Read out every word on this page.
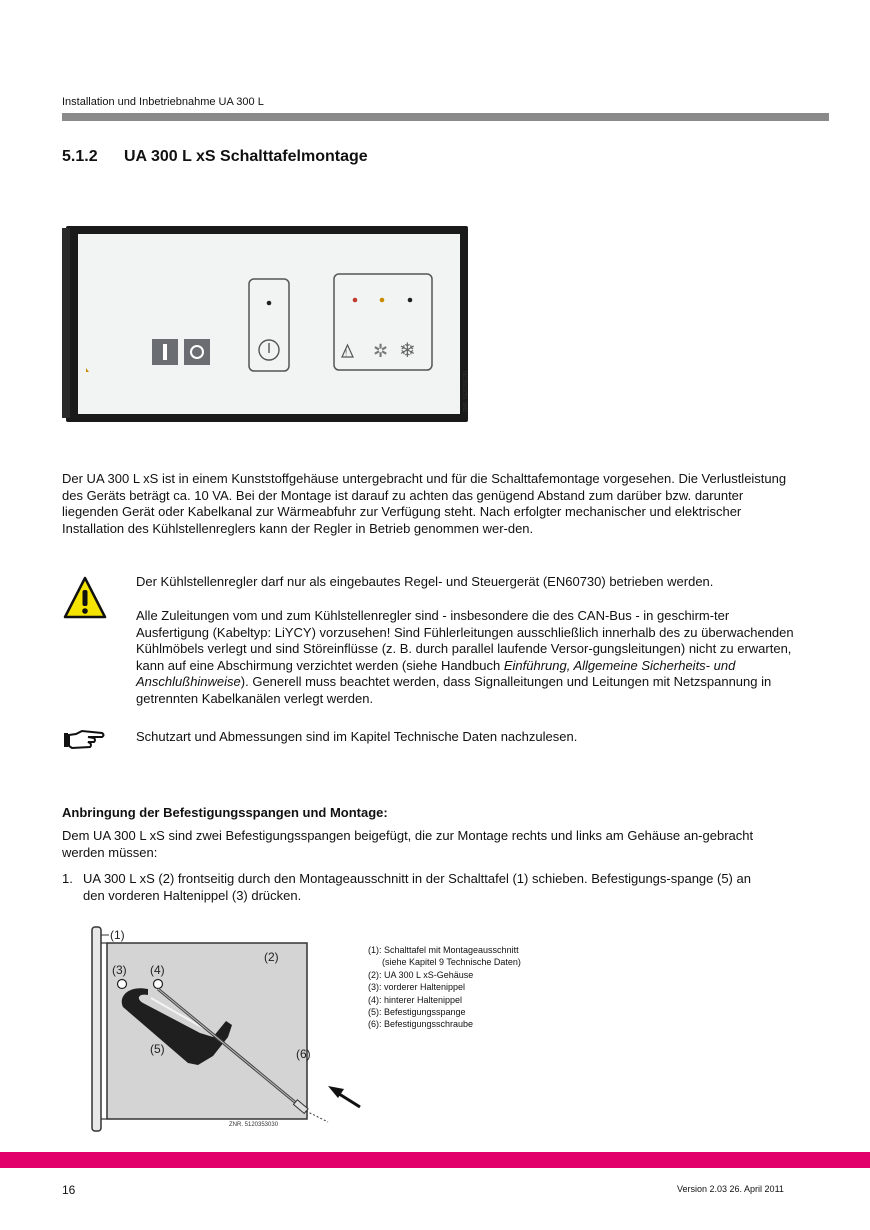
Installation und Inbetriebnahme UA 300 L
5.1.2 UA 300 L xS Schalttafelmontage
! ✲ ❄
ZNR. 5120356730
Der UA 300 L xS ist in einem Kunststoffgehäuse untergebracht und für die Schalttafemontage vorgesehen. Die Verlustleistung des Geräts beträgt ca. 10 VA. Bei der Montage ist darauf zu achten das genügend Abstand zum darüber bzw. darunter liegenden Gerät oder Kabelkanal zur Wärmeabfuhr zur Verfügung steht. Nach erfolgter mechanischer und elektrischer Installation des Kühlstellenreglers kann der Regler in Betrieb genommen wer-den.
Der Kühlstellenregler darf nur als eingebautes Regel- und Steuergerät (EN60730) betrieben werden.
Alle Zuleitungen vom und zum Kühlstellenregler sind - insbesondere die des CAN-Bus - in geschirm-ter Ausfertigung (Kabeltyp: LiYCY) vorzusehen! Sind Fühlerleitungen ausschließlich innerhalb des zu überwachenden Kühlmöbels verlegt und sind Störeinflüsse (z. B. durch parallel laufende Versor-gungsleitungen) nicht zu erwarten, kann auf eine Abschirmung verzichtet werden (siehe Handbuch Einführung, Allgemeine Sicherheits- und Anschlußhinweise). Generell muss beachtet werden, dass Signalleitungen und Leitungen mit Netzspannung in getrennten Kabelkanälen verlegt werden.
Schutzart und Abmessungen sind im Kapitel Technische Daten nachzulesen.
Anbringung der Befestigungsspangen und Montage:
Dem UA 300 L xS sind zwei Befestigungsspangen beigefügt, die zur Montage rechts und links am Gehäuse an-gebracht werden müssen:
1. UA 300 L xS (2) frontseitig durch den Montageausschnitt in der Schalttafel (1) schieben. Befestigungs-spange (5) an den vorderen Haltenippel (3) drücken.
(1)
(2)
(3) (4)
(5)	(6)
ZNR. 5120353030
(1): Schalttafel mit Montageausschnitt
(siehe Kapitel 9 Technische Daten)
(2): UA 300 L xS-Gehäuse
(3): vorderer Haltenippel
(4): hinterer Haltenippel
(5): Befestigungsspange
(6): Befestigungsschraube
16	Version 2.03 26. April 2011
